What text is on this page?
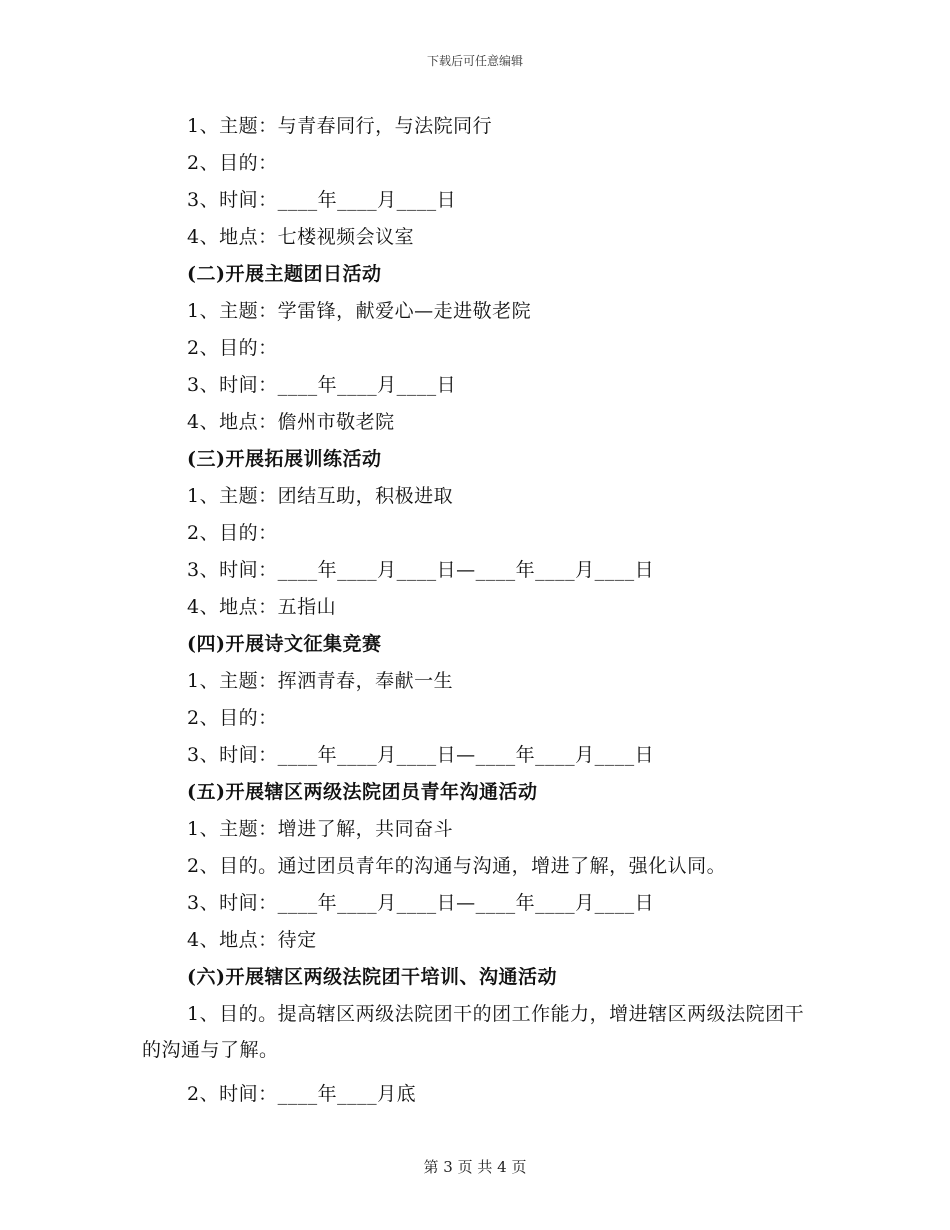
下载后可任意编辑
1、主题：与青春同行，与法院同行
2、目的：
3、时间：____年____月____日
4、地点：七楼视频会议室
(二)开展主题团日活动
1、主题：学雷锋，献爱心—走进敬老院
2、目的：
3、时间：____年____月____日
4、地点：儋州市敬老院
(三)开展拓展训练活动
1、主题：团结互助，积极进取
2、目的：
3、时间：____年____月____日—____年____月____日
4、地点：五指山
(四)开展诗文征集竞赛
1、主题：挥洒青春，奉献一生
2、目的：
3、时间：____年____月____日—____年____月____日
(五)开展辖区两级法院团员青年沟通活动
1、主题：增进了解，共同奋斗
2、目的。通过团员青年的沟通与沟通，增进了解，强化认同。
3、时间：____年____月____日—____年____月____日
4、地点：待定
(六)开展辖区两级法院团干培训、沟通活动
1、目的。提高辖区两级法院团干的团工作能力，增进辖区两级法院团干的沟通与了解。
2、时间：____年____月底
第 3 页 共 4 页
